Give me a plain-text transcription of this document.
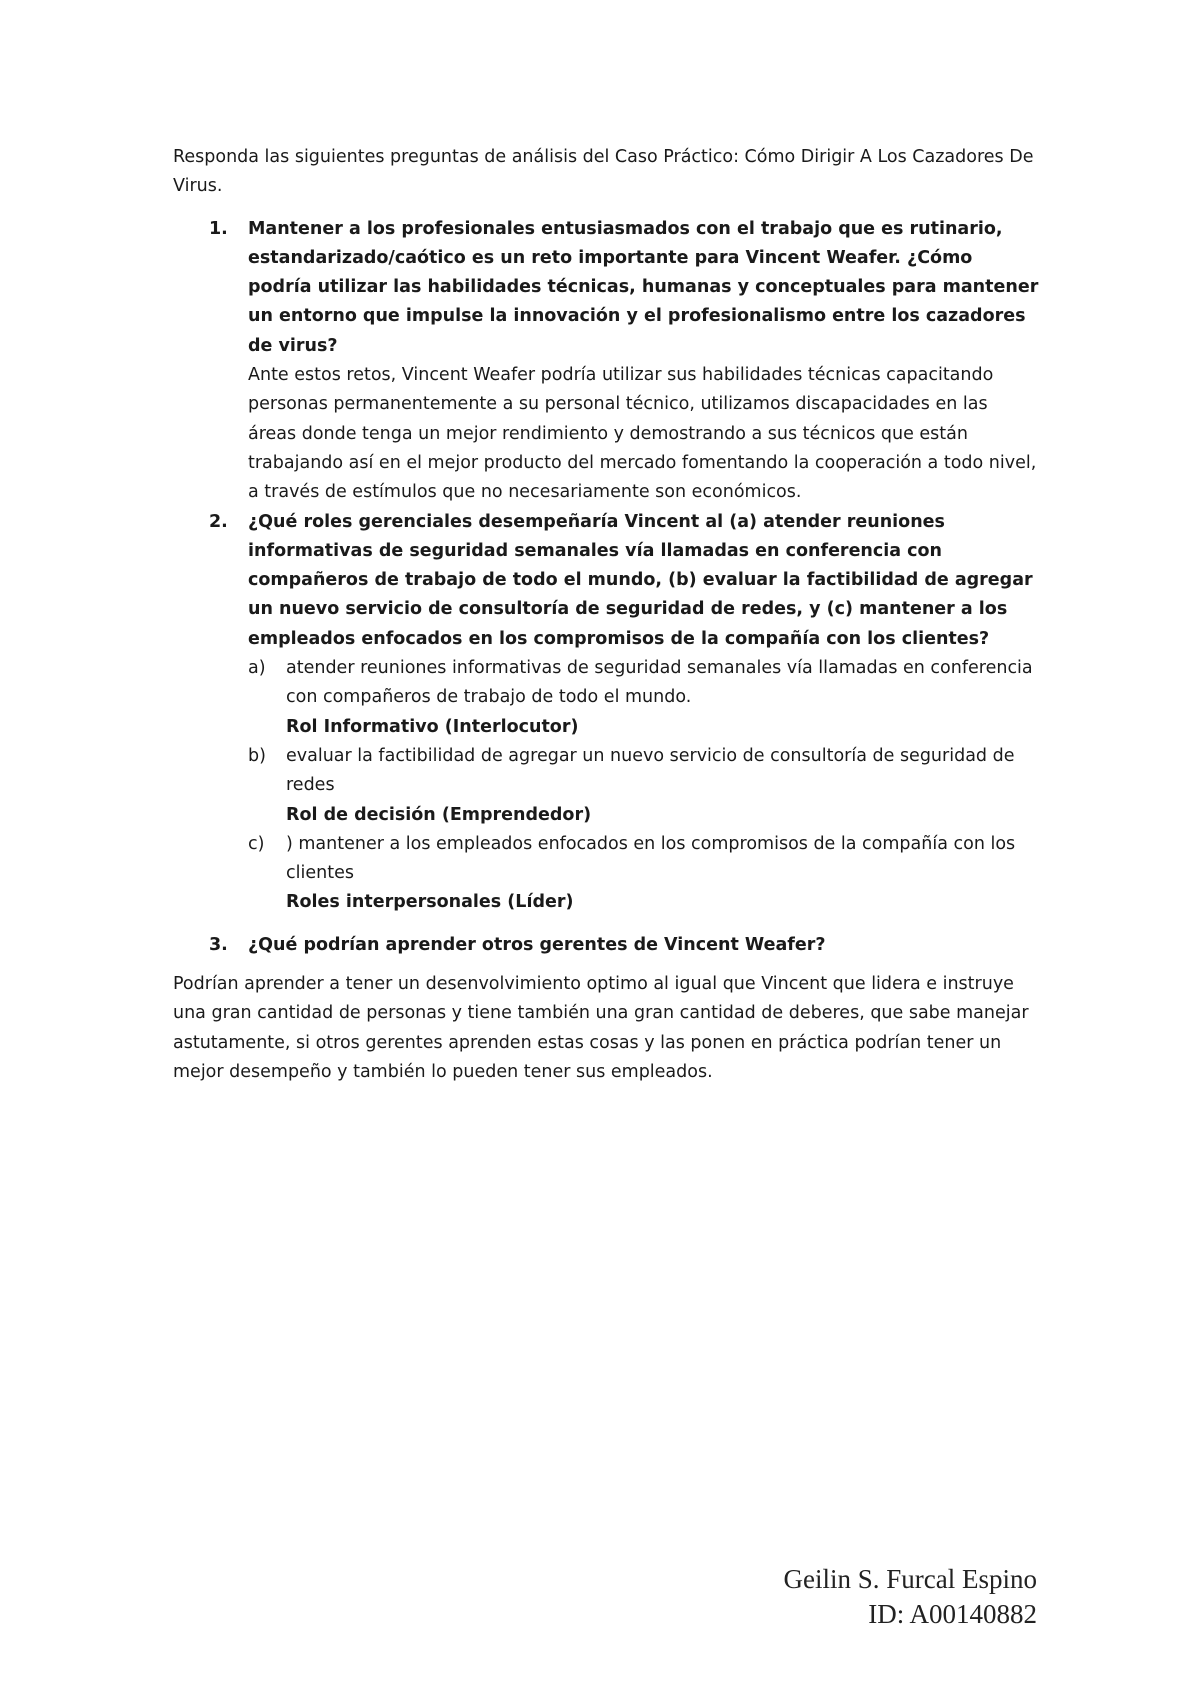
Responda las siguientes preguntas de análisis del Caso Práctico: Cómo Dirigir A Los Cazadores De Virus.

1. Mantener a los profesionales entusiasmados con el trabajo que es rutinario, estandarizado/caótico es un reto importante para Vincent Weafer. ¿Cómo podría utilizar las habilidades técnicas, humanas y conceptuales para mantener un entorno que impulse la innovación y el profesionalismo entre los cazadores de virus?

Ante estos retos, Vincent Weafer podría utilizar sus habilidades técnicas capacitando personas permanentemente a su personal técnico, utilizamos discapacidades en las áreas donde tenga un mejor rendimiento y demostrando a sus técnicos que están trabajando así en el mejor producto del mercado fomentando la cooperación a todo nivel, a través de estímulos que no necesariamente son económicos.

2. ¿Qué roles gerenciales desempeñaría Vincent al (a) atender reuniones informativas de seguridad semanales vía llamadas en conferencia con compañeros de trabajo de todo el mundo, (b) evaluar la factibilidad de agregar un nuevo servicio de consultoría de seguridad de redes, y (c) mantener a los empleados enfocados en los compromisos de la compañía con los clientes?

a) atender reuniones informativas de seguridad semanales vía llamadas en conferencia con compañeros de trabajo de todo el mundo.
Rol Informativo (Interlocutor)
b) evaluar la factibilidad de agregar un nuevo servicio de consultoría de seguridad de redes
Rol de decisión (Emprendedor)
c) ) mantener a los empleados enfocados en los compromisos de la compañía con los clientes
Roles interpersonales (Líder)
3. ¿Qué podrían aprender otros gerentes de Vincent Weafer?

Podrían aprender a tener un desenvolvimiento optimo al igual que Vincent que lidera e instruye una gran cantidad de personas y tiene también una gran cantidad de deberes, que sabe manejar astutamente, si otros gerentes aprenden estas cosas y las ponen en práctica podrían tener un mejor desempeño y también lo pueden tener sus empleados.

Geilin S. Furcal Espino
ID: A00140882
